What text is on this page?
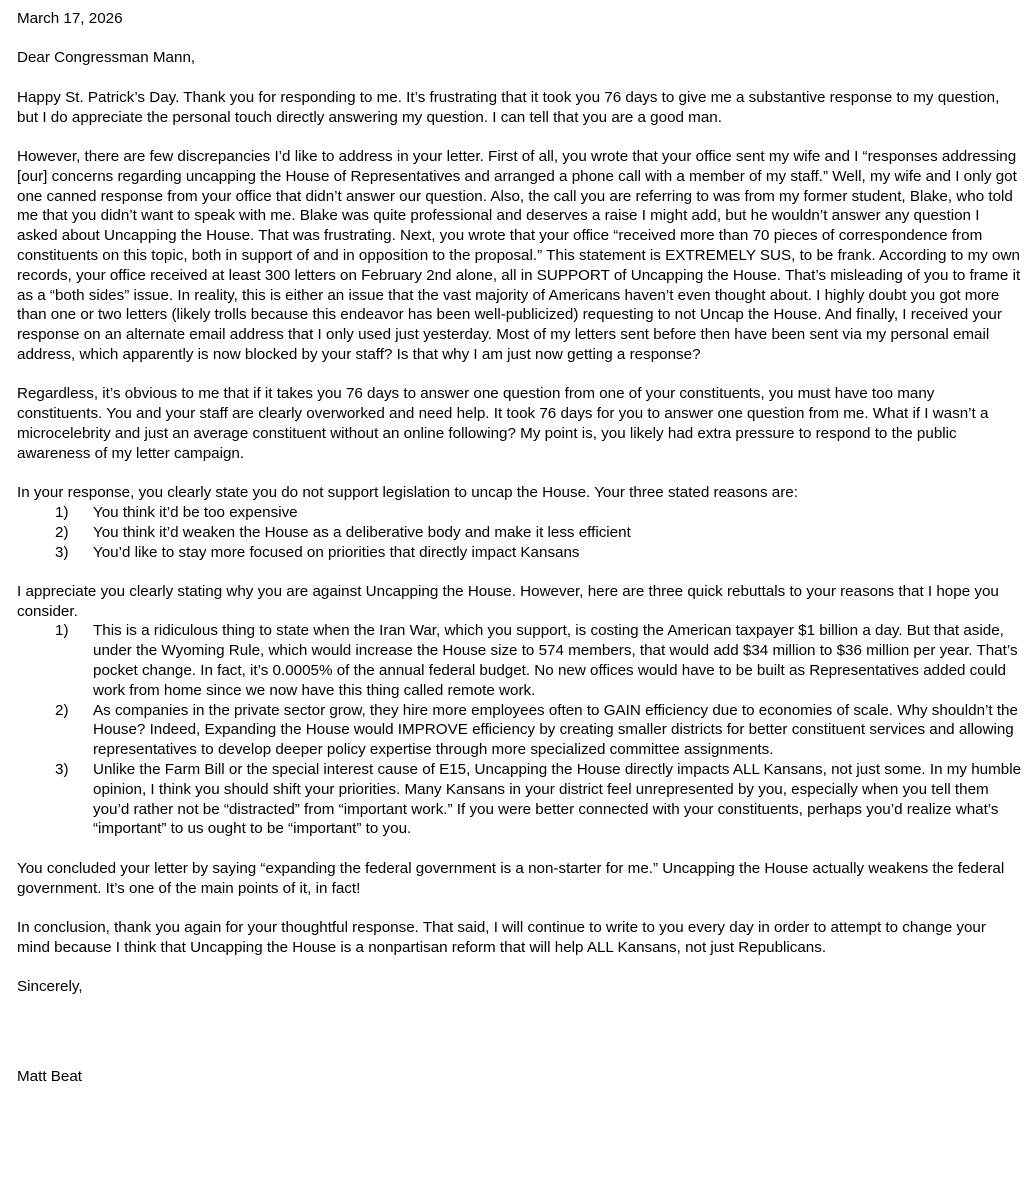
March 17, 2026

Dear Congressman Mann,

Happy St. Patrick’s Day. Thank you for responding to me. It’s frustrating that it took you 76 days to give me a substantive response to my question, but I do appreciate the personal touch directly answering my question. I can tell that you are a good man.

However, there are few discrepancies I’d like to address in your letter. First of all, you wrote that your office sent my wife and I “responses addressing [our] concerns regarding uncapping the House of Representatives and arranged a phone call with a member of my staff.” Well, my wife and I only got one canned response from your office that didn’t answer our question. Also, the call you are referring to was from my former student, Blake, who told me that you didn’t want to speak with me. Blake was quite professional and deserves a raise I might add, but he wouldn’t answer any question I asked about Uncapping the House. That was frustrating. Next, you wrote that your office “received more than 70 pieces of correspondence from constituents on this topic, both in support of and in opposition to the proposal.” This statement is EXTREMELY SUS, to be frank. According to my own records, your office received at least 300 letters on February 2nd alone, all in SUPPORT of Uncapping the House. That’s misleading of you to frame it as a “both sides” issue. In reality, this is either an issue that the vast majority of Americans haven’t even thought about. I highly doubt you got more than one or two letters (likely trolls because this endeavor has been well-publicized) requesting to not Uncap the House. And finally, I received your response on an alternate email address that I only used just yesterday. Most of my letters sent before then have been sent via my personal email address, which apparently is now blocked by your staff? Is that why I am just now getting a response?

Regardless, it’s obvious to me that if it takes you 76 days to answer one question from one of your constituents, you must have too many constituents. You and your staff are clearly overworked and need help. It took 76 days for you to answer one question from me. What if I wasn’t a microcelebrity and just an average constituent without an online following? My point is, you likely had extra pressure to respond to the public awareness of my letter campaign.

In your response, you clearly state you do not support legislation to uncap the House. Your three stated reasons are:

1) You think it’d be too expensive
2) You think it’d weaken the House as a deliberative body and make it less efficient
3) You’d like to stay more focused on priorities that directly impact Kansans

I appreciate you clearly stating why you are against Uncapping the House. However, here are three quick rebuttals to your reasons that I hope you consider.

1) This is a ridiculous thing to state when the Iran War, which you support, is costing the American taxpayer $1 billion a day. But that aside, under the Wyoming Rule, which would increase the House size to 574 members, that would add $34 million to $36 million per year. That’s pocket change. In fact, it’s 0.0005% of the annual federal budget. No new offices would have to be built as Representatives added could work from home since we now have this thing called remote work.
2) As companies in the private sector grow, they hire more employees often to GAIN efficiency due to economies of scale. Why shouldn’t the House? Indeed, Expanding the House would IMPROVE efficiency by creating smaller districts for better constituent services and allowing representatives to develop deeper policy expertise through more specialized committee assignments.
3) Unlike the Farm Bill or the special interest cause of E15, Uncapping the House directly impacts ALL Kansans, not just some. In my humble opinion, I think you should shift your priorities. Many Kansans in your district feel unrepresented by you, especially when you tell them you’d rather not be “distracted” from “important work.” If you were better connected with your constituents, perhaps you’d realize what’s “important” to us ought to be “important” to you.

You concluded your letter by saying “expanding the federal government is a non-starter for me.” Uncapping the House actually weakens the federal government. It’s one of the main points of it, in fact!

In conclusion, thank you again for your thoughtful response. That said, I will continue to write to you every day in order to attempt to change your mind because I think that Uncapping the House is a nonpartisan reform that will help ALL Kansans, not just Republicans.

Sincerely,

Matt Beat
